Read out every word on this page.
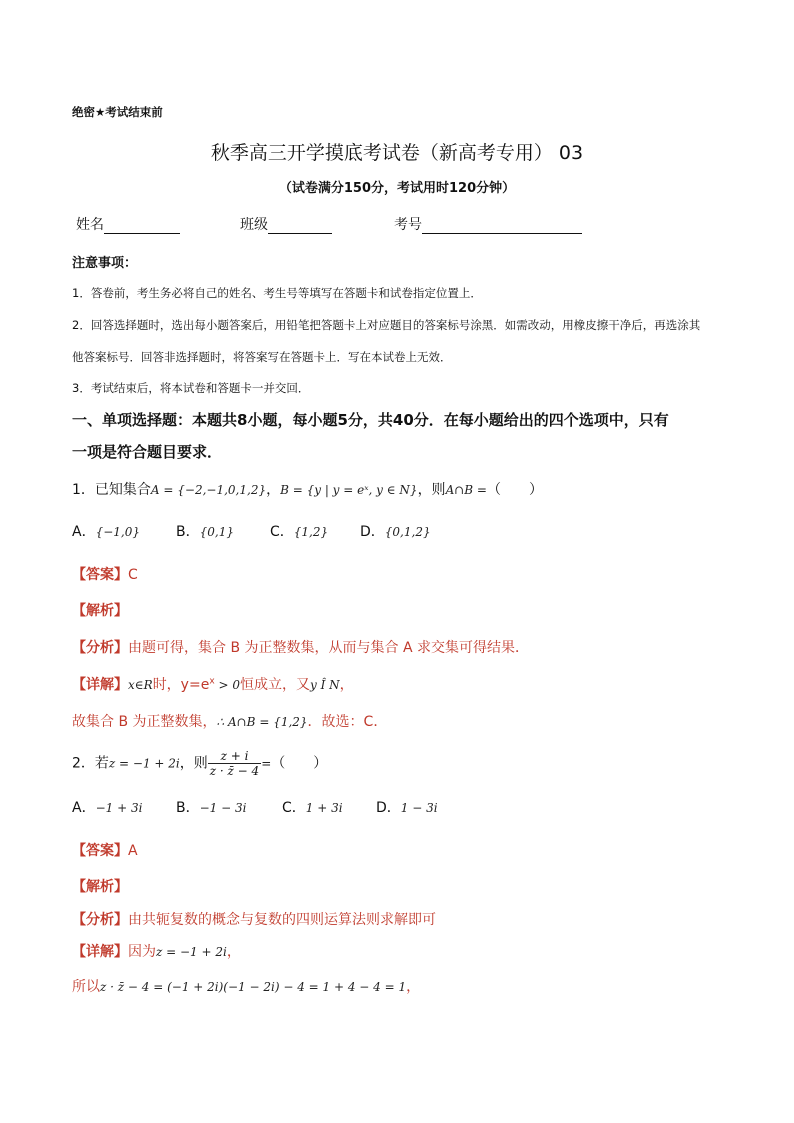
绝密★考试结束前
秋季高三开学摸底考试卷（新高考专用） 03
（试卷满分150分，考试用时120分钟）
姓名	班级	考号
注意事项：
1．答卷前，考生务必将自己的姓名、考生号等填写在答题卡和试卷指定位置上．
2．回答选择题时，选出每小题答案后，用铅笔把答题卡上对应题目的答案标号涂黑．如需改动，用橡皮擦干净后，再选涂其
他答案标号．回答非选择题时，将答案写在答题卡上．写在本试卷上无效．
3．考试结束后，将本试卷和答题卡一并交回．
一、单项选择题：本题共8小题，每小题5分，共40分．在每小题给出的四个选项中，只有
一项是符合题目要求．
1．已知集合A = {−2,−1,0,1,2}，B = {y | y = eˣ, y ∈ N}，则A∩B =（　　）
A．{−1,0}	B．{0,1}	C．{1,2} D．{0,1,2}
【答案】C
【解析】
【分析】由题可得，集合 B 为正整数集，从而与集合 A 求交集可得结果．
【详解】x∈R时，$y=e^x > 0$恒成立，又y Î N，
故集合 B 为正整数集，∴ A∩B = {1,2}．故选：C．
2．若z = −1 + 2i，则 $\frac{z + i}{z \cdot z̄ - 4}$ =（　　）
A．−1 + 3i B．−1 − 3i	C．1 + 3i D．1 − 3i
【答案】A
【解析】
【分析】由共轭复数的概念与复数的四则运算法则求解即可
【详解】因为z = −1 + 2i，
所以z · z̄ − 4 = (−1 + 2i)(−1 − 2i) − 4 = 1 + 4 − 4 = 1，
